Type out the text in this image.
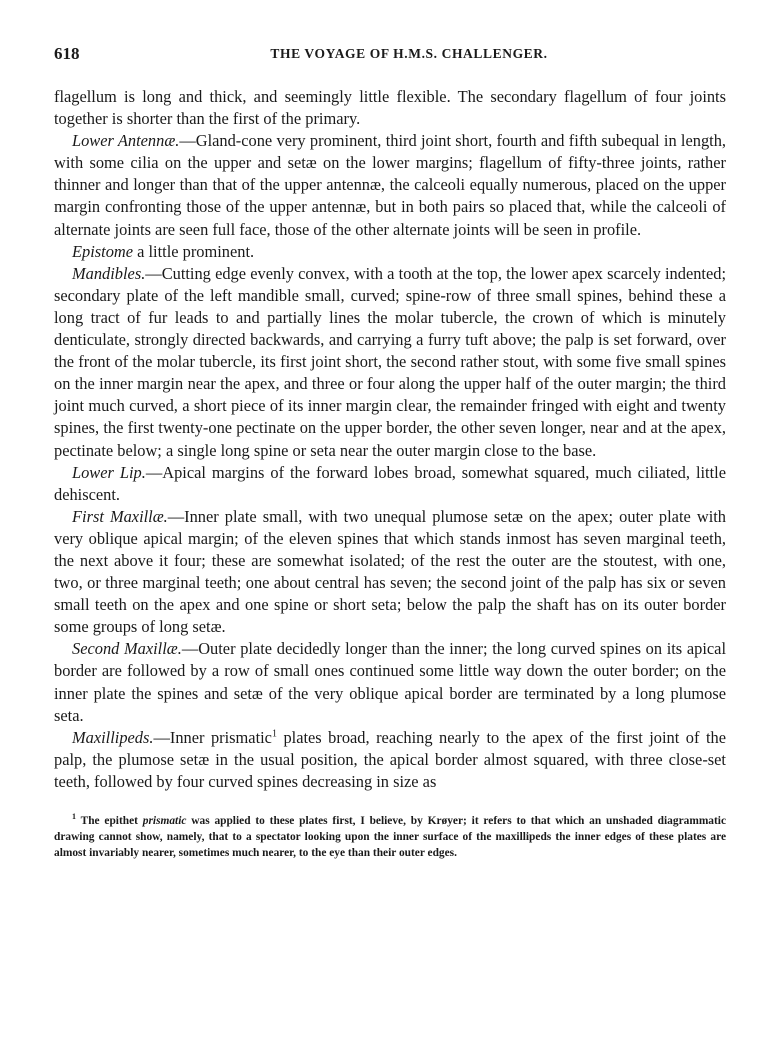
618	THE VOYAGE OF H.M.S. CHALLENGER.

flagellum is long and thick, and seemingly little flexible. The secondary flagellum of four joints together is shorter than the first of the primary.

Lower Antennæ.—Gland-cone very prominent, third joint short, fourth and fifth subequal in length, with some cilia on the upper and setæ on the lower margins; flagellum of fifty-three joints, rather thinner and longer than that of the upper antennæ, the calceoli equally numerous, placed on the upper margin confronting those of the upper antennæ, but in both pairs so placed that, while the calceoli of alternate joints are seen full face, those of the other alternate joints will be seen in profile.

Epistome a little prominent.

Mandibles.—Cutting edge evenly convex, with a tooth at the top, the lower apex scarcely indented; secondary plate of the left mandible small, curved; spine-row of three small spines, behind these a long tract of fur leads to and partially lines the molar tubercle, the crown of which is minutely denticulate, strongly directed backwards, and carrying a furry tuft above; the palp is set forward, over the front of the molar tubercle, its first joint short, the second rather stout, with some five small spines on the inner margin near the apex, and three or four along the upper half of the outer margin; the third joint much curved, a short piece of its inner margin clear, the remainder fringed with eight and twenty spines, the first twenty-one pectinate on the upper border, the other seven longer, near and at the apex, pectinate below; a single long spine or seta near the outer margin close to the base.

Lower Lip.—Apical margins of the forward lobes broad, somewhat squared, much ciliated, little dehiscent.

First Maxillæ.—Inner plate small, with two unequal plumose setæ on the apex; outer plate with very oblique apical margin; of the eleven spines that which stands inmost has seven marginal teeth, the next above it four; these are somewhat isolated; of the rest the outer are the stoutest, with one, two, or three marginal teeth; one about central has seven; the second joint of the palp has six or seven small teeth on the apex and one spine or short seta; below the palp the shaft has on its outer border some groups of long setæ.

Second Maxillæ.—Outer plate decidedly longer than the inner; the long curved spines on its apical border are followed by a row of small ones continued some little way down the outer border; on the inner plate the spines and setæ of the very oblique apical border are terminated by a long plumose seta.

Maxillipeds.—Inner prismatic$^1$ plates broad, reaching nearly to the apex of the first joint of the palp, the plumose setæ in the usual position, the apical border almost squared, with three close-set teeth, followed by four curved spines decreasing in size as

$^1$ The epithet prismatic was applied to these plates first, I believe, by Krøyer; it refers to that which an unshaded diagrammatic drawing cannot show, namely, that to a spectator looking upon the inner surface of the maxillipeds the inner edges of these plates are almost invariably nearer, sometimes much nearer, to the eye than their outer edges.
